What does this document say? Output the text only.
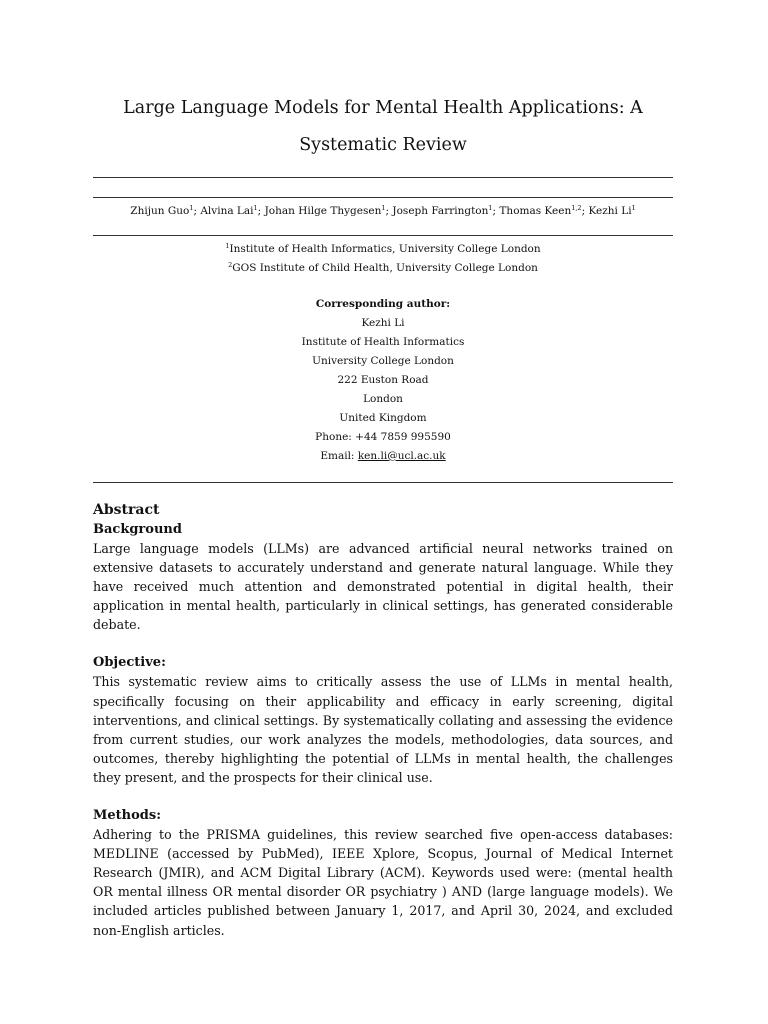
Large Language Models for Mental Health Applications: A
Systematic Review
Zhijun Guo$^1$; Alvina Lai$^1$; Johan Hilge Thygesen$^1$; Joseph Farrington$^1$; Thomas Keen$^{1,2}$; Kezhi Li$^1$
$^1$Institute of Health Informatics, University College London
$^2$GOS Institute of Child Health, University College London
Corresponding author:
Kezhi Li
Institute of Health Informatics
University College London
222 Euston Road
London
United Kingdom
Phone: +44 7859 995590
Email: ken.li@ucl.ac.uk
Abstract
Background

Large language models (LLMs) are advanced artificial neural networks trained on extensive datasets to accurately understand and generate natural language. While they have received much attention and demonstrated potential in digital health, their application in mental health, particularly in clinical settings, has generated considerable debate.

Objective:

This systematic review aims to critically assess the use of LLMs in mental health, specifically focusing on their applicability and efficacy in early screening, digital interventions, and clinical settings. By systematically collating and assessing the evidence from current studies, our work analyzes the models, methodologies, data sources, and outcomes, thereby highlighting the potential of LLMs in mental health, the challenges they present, and the prospects for their clinical use.

Methods:

Adhering to the PRISMA guidelines, this review searched five open-access databases: MEDLINE (accessed by PubMed), IEEE Xplore, Scopus, Journal of Medical Internet Research (JMIR), and ACM Digital Library (ACM). Keywords used were: (mental health OR mental illness OR mental disorder OR psychiatry ) AND (large language models). We included articles published between January 1, 2017, and April 30, 2024, and excluded non-English articles.
